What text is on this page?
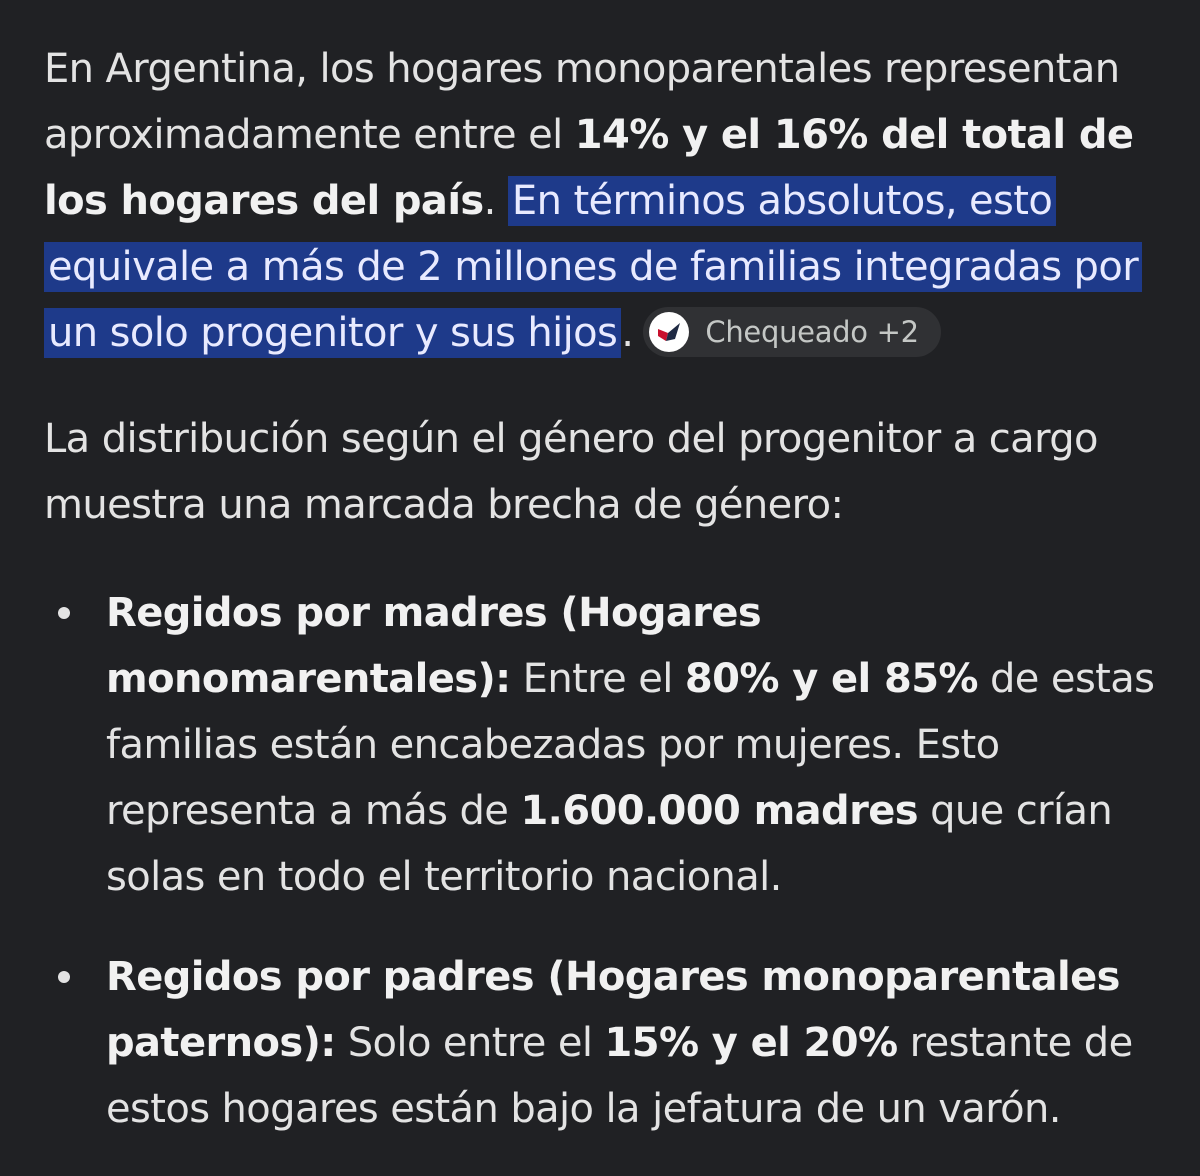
En Argentina, los hogares monoparentales representan aproximadamente entre el 14% y el 16% del total de los hogares del país. En términos absolutos, esto equivale a más de 2 millones de familias integradas por un solo progenitor y sus hijos . Chequeado +2

La distribución según el género del progenitor a cargo muestra una marcada brecha de género:

Regidos por madres (Hogares monomarentales): Entre el 80% y el 85% de estas familias están encabezadas por mujeres. Esto representa a más de 1.600.000 madres que crían solas en todo el territorio nacional.
Regidos por padres (Hogares monoparentales paternos): Solo entre el 15% y el 20% restante de estos hogares están bajo la jefatura de un varón.
